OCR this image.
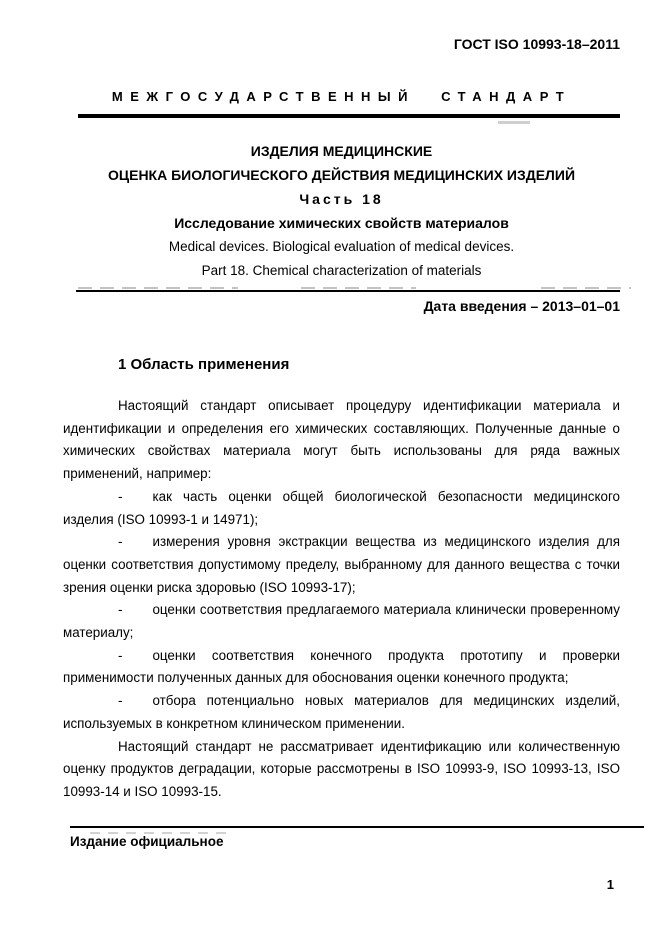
ГОСТ ISO 10993-18–2011
МЕЖГОСУДАРСТВЕННЫЙ СТАНДАРТ
ИЗДЕЛИЯ МЕДИЦИНСКИЕ
ОЦЕНКА БИОЛОГИЧЕСКОГО ДЕЙСТВИЯ МЕДИЦИНСКИХ ИЗДЕЛИЙ
Часть 18
Исследование химических свойств материалов
Medical devices. Biological evaluation of medical devices.
Part 18. Chemical characterization of materials
Дата введения – 2013–01–01
1 Область применения

Настоящий стандарт описывает процедуру идентификации материала и идентификации и определения его химических составляющих. Полученные данные о химических свойствах материала могут быть использованы для ряда важных применений, например:

- как часть оценки общей биологической безопасности медицинского изделия (ISO 10993-1 и 14971);

- измерения уровня экстракции вещества из медицинского изделия для оценки соответствия допустимому пределу, выбранному для данного вещества с точки зрения оценки риска здоровью (ISO 10993-17);

- оценки соответствия предлагаемого материала клинически проверенному материалу;

- оценки соответствия конечного продукта прототипу и проверки применимости полученных данных для обоснования оценки конечного продукта;

- отбора потенциально новых материалов для медицинских изделий, используемых в конкретном клиническом применении.

Настоящий стандарт не рассматривает идентификацию или количественную оценку продуктов деградации, которые рассмотрены в ISO 10993-9, ISO 10993-13, ISO 10993-14 и ISO 10993-15.

Издание официальное
1
